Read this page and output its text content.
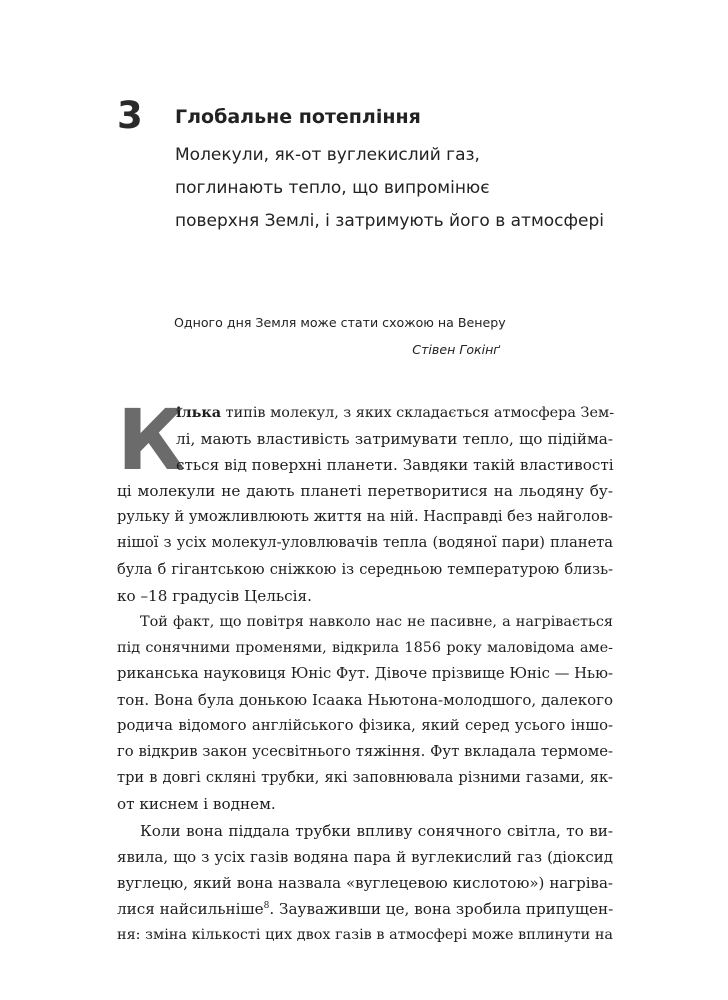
3 Глобальне потепління
Молекули, як-от вуглекислий газ,
поглинають тепло, що випромінює
поверхня Землі, і затримують його в атмосфері
Одного дня Земля може стати схожою на Венеру
Стівен Гокінґ
К
ілька типів молекул, з яких складається атмосфера Зем-
лі, мають властивість затримувати тепло, що підійма-
ється від поверхні планети. Завдяки такій властивості
ці молекули не дають планеті перетворитися на льодяну бу-
рульку й уможливлюють життя на ній. Насправді без найголов-
нішої з усіх молекул-уловлювачів тепла (водяної пари) планета
була б гігантською сніжкою із середньою температурою близь-
ко –18 градусів Цельсія.
Той факт, що повітря навколо нас не пасивне, а нагрівається
під сонячними променями, відкрила 1856 року маловідома аме-
риканська науковиця Юніс Фут. Дівоче прізвище Юніс — Нью-
тон. Вона була донькою Ісаака Ньютона-молодшого, далекого
родича відомого англійського фізика, який серед усього іншо-
го відкрив закон усесвітнього тяжіння. Фут вкладала термоме-
три в довгі скляні трубки, які заповнювала різними газами, як-
от киснем і воднем.
Коли вона піддала трубки впливу сонячного світла, то ви-
явила, що з усіх газів водяна пара й вуглекислий газ (діоксид
вуглецю, який вона назвала «вуглецевою кислотою») нагріва-
лися найсильніше$^8$. Зауваживши це, вона зробила припущен-
ня: зміна кількості цих двох газів в атмосфері може вплинути на
